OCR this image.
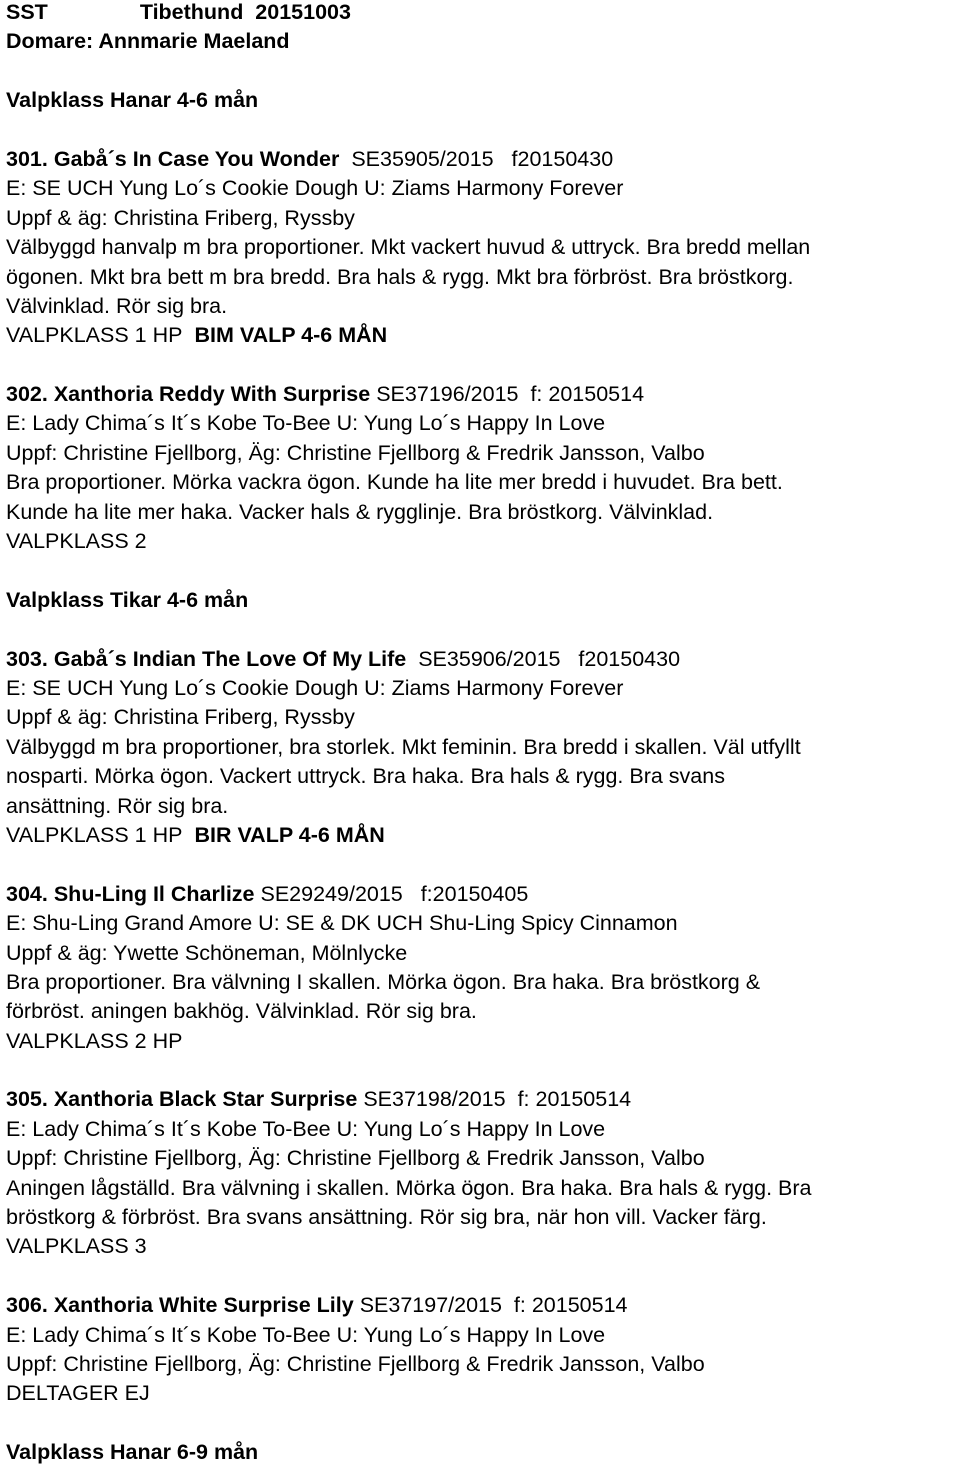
SST	Tibethund 20151003
Domare: Annmarie Maeland
Valpklass Hanar 4-6 mån
301. Gabå´s In Case You Wonder SE35905/2015 f20150430
E: SE UCH Yung Lo´s Cookie Dough U: Ziams Harmony Forever
Uppf & äg: Christina Friberg, Ryssby
Välbyggd hanvalp m bra proportioner. Mkt vackert huvud & uttryck. Bra bredd mellan
ögonen. Mkt bra bett m bra bredd. Bra hals & rygg. Mkt bra förbröst. Bra bröstkorg.
Välvinklad. Rör sig bra.
VALPKLASS 1 HP BIM VALP 4-6 MÅN
302. Xanthoria Reddy With Surprise SE37196/2015 f: 20150514
E: Lady Chima´s It´s Kobe To-Bee U: Yung Lo´s Happy In Love
Uppf: Christine Fjellborg, Äg: Christine Fjellborg & Fredrik Jansson, Valbo
Bra proportioner. Mörka vackra ögon. Kunde ha lite mer bredd i huvudet. Bra bett.
Kunde ha lite mer haka. Vacker hals & rygglinje. Bra bröstkorg. Välvinklad.
VALPKLASS 2
Valpklass Tikar 4-6 mån
303. Gabå´s Indian The Love Of My Life SE35906/2015 f20150430
E: SE UCH Yung Lo´s Cookie Dough U: Ziams Harmony Forever
Uppf & äg: Christina Friberg, Ryssby
Välbyggd m bra proportioner, bra storlek. Mkt feminin. Bra bredd i skallen. Väl utfyllt
nosparti. Mörka ögon. Vackert uttryck. Bra haka. Bra hals & rygg. Bra svans
ansättning. Rör sig bra.
VALPKLASS 1 HP BIR VALP 4-6 MÅN
304. Shu-Ling Il Charlize SE29249/2015 f:20150405
E: Shu-Ling Grand Amore U: SE & DK UCH Shu-Ling Spicy Cinnamon
Uppf & äg: Ywette Schöneman, Mölnlycke
Bra proportioner. Bra välvning I skallen. Mörka ögon. Bra haka. Bra bröstkorg &
förbröst. aningen bakhög. Välvinklad. Rör sig bra.
VALPKLASS 2 HP
305. Xanthoria Black Star Surprise SE37198/2015 f: 20150514
E: Lady Chima´s It´s Kobe To-Bee U: Yung Lo´s Happy In Love
Uppf: Christine Fjellborg, Äg: Christine Fjellborg & Fredrik Jansson, Valbo
Aningen lågställd. Bra välvning i skallen. Mörka ögon. Bra haka. Bra hals & rygg. Bra
bröstkorg & förbröst. Bra svans ansättning. Rör sig bra, när hon vill. Vacker färg.
VALPKLASS 3
306. Xanthoria White Surprise Lily SE37197/2015 f: 20150514
E: Lady Chima´s It´s Kobe To-Bee U: Yung Lo´s Happy In Love
Uppf: Christine Fjellborg, Äg: Christine Fjellborg & Fredrik Jansson, Valbo
DELTAGER EJ
Valpklass Hanar 6-9 mån
